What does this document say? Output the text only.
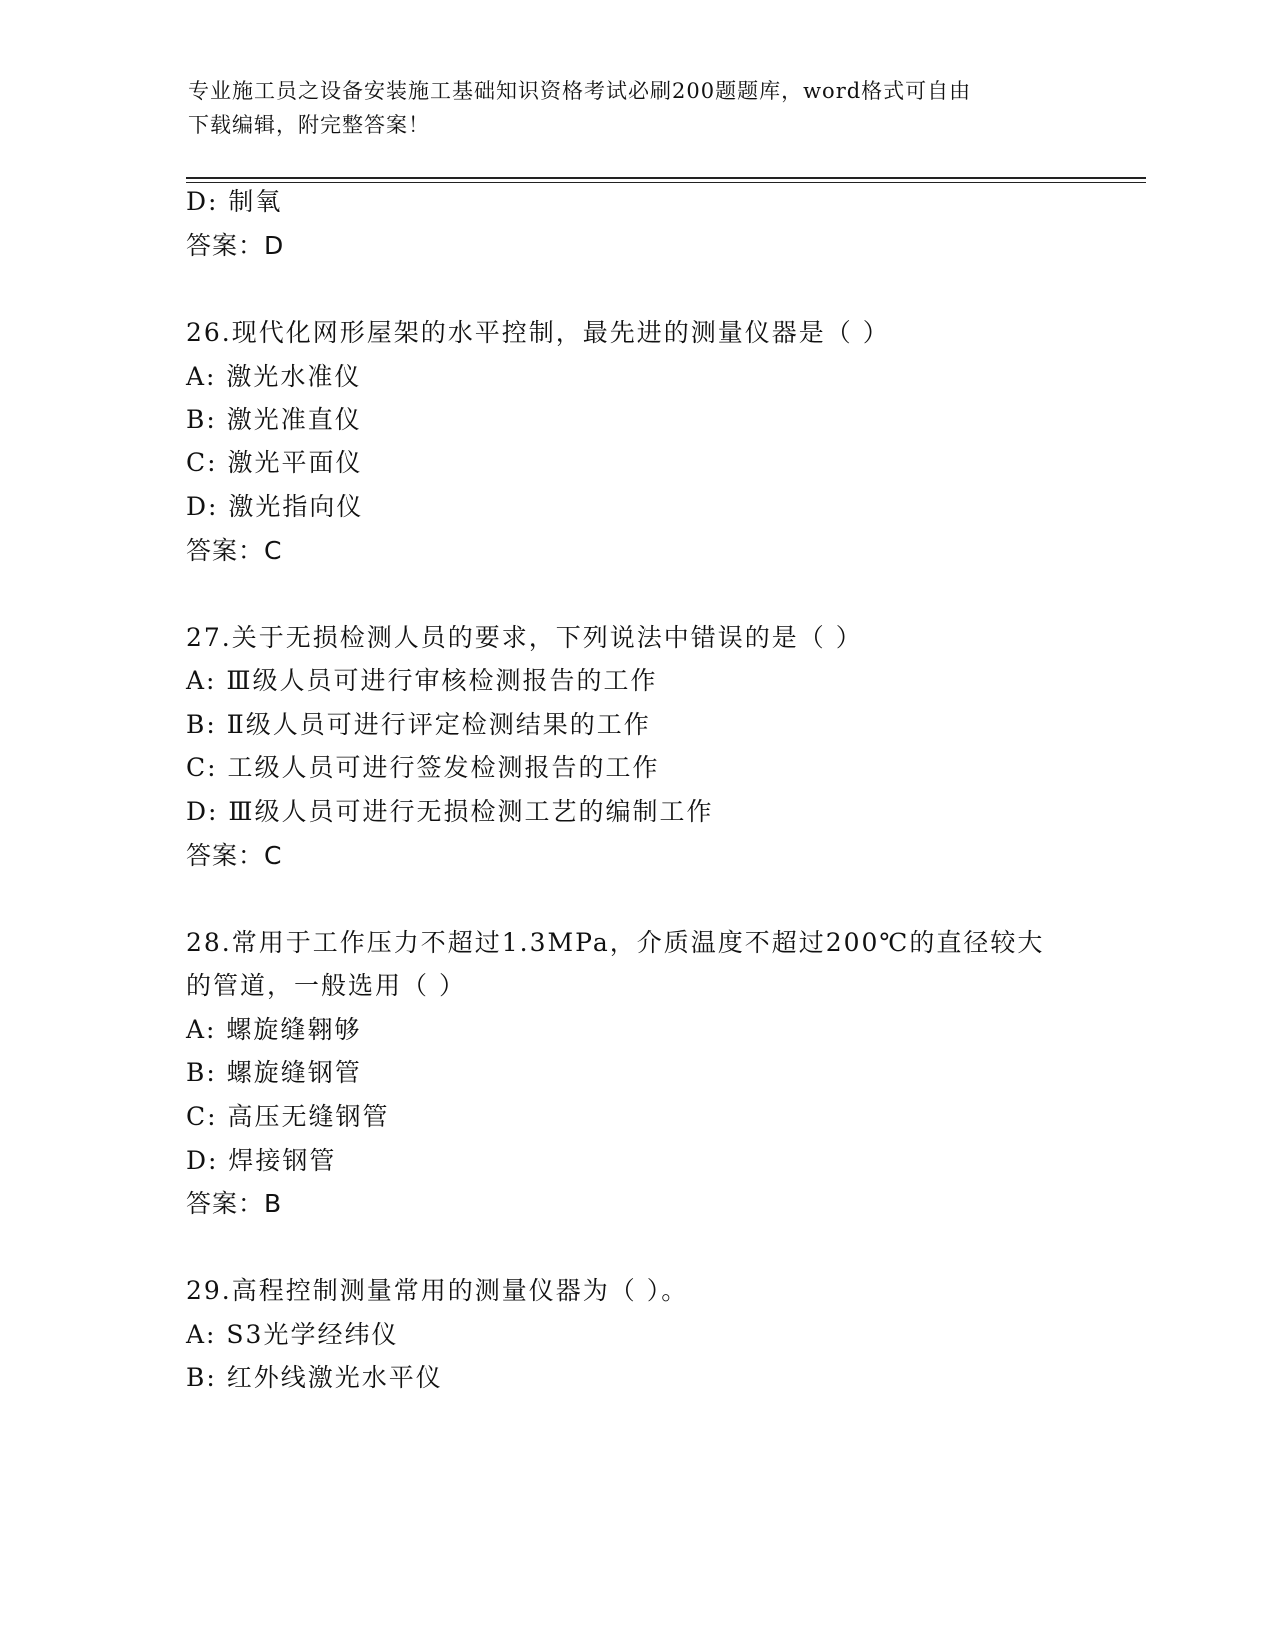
专业施工员之设备安装施工基础知识资格考试必刷200题题库，word格式可自由
下载编辑，附完整答案！
D: 制氧
答案：D
26.现代化网形屋架的水平控制，最先进的测量仪器是（ ）
A: 激光水准仪
B: 激光准直仪
C: 激光平面仪
D: 激光指向仪
答案：C
27.关于无损检测人员的要求，下列说法中错误的是（ ）
A: Ⅲ级人员可进行审核检测报告的工作
B: Ⅱ级人员可进行评定检测结果的工作
C: 工级人员可进行签发检测报告的工作
D: Ⅲ级人员可进行无损检测工艺的编制工作
答案：C
28.常用于工作压力不超过1.3MPa，介质温度不超过200℃的直径较大
的管道，一般选用（ ）
A: 螺旋缝翱够
B: 螺旋缝钢管
C: 高压无缝钢管
D: 焊接钢管
答案：B
29.高程控制测量常用的测量仪器为（ ）。
A: S3光学经纬仪
B: 红外线激光水平仪
